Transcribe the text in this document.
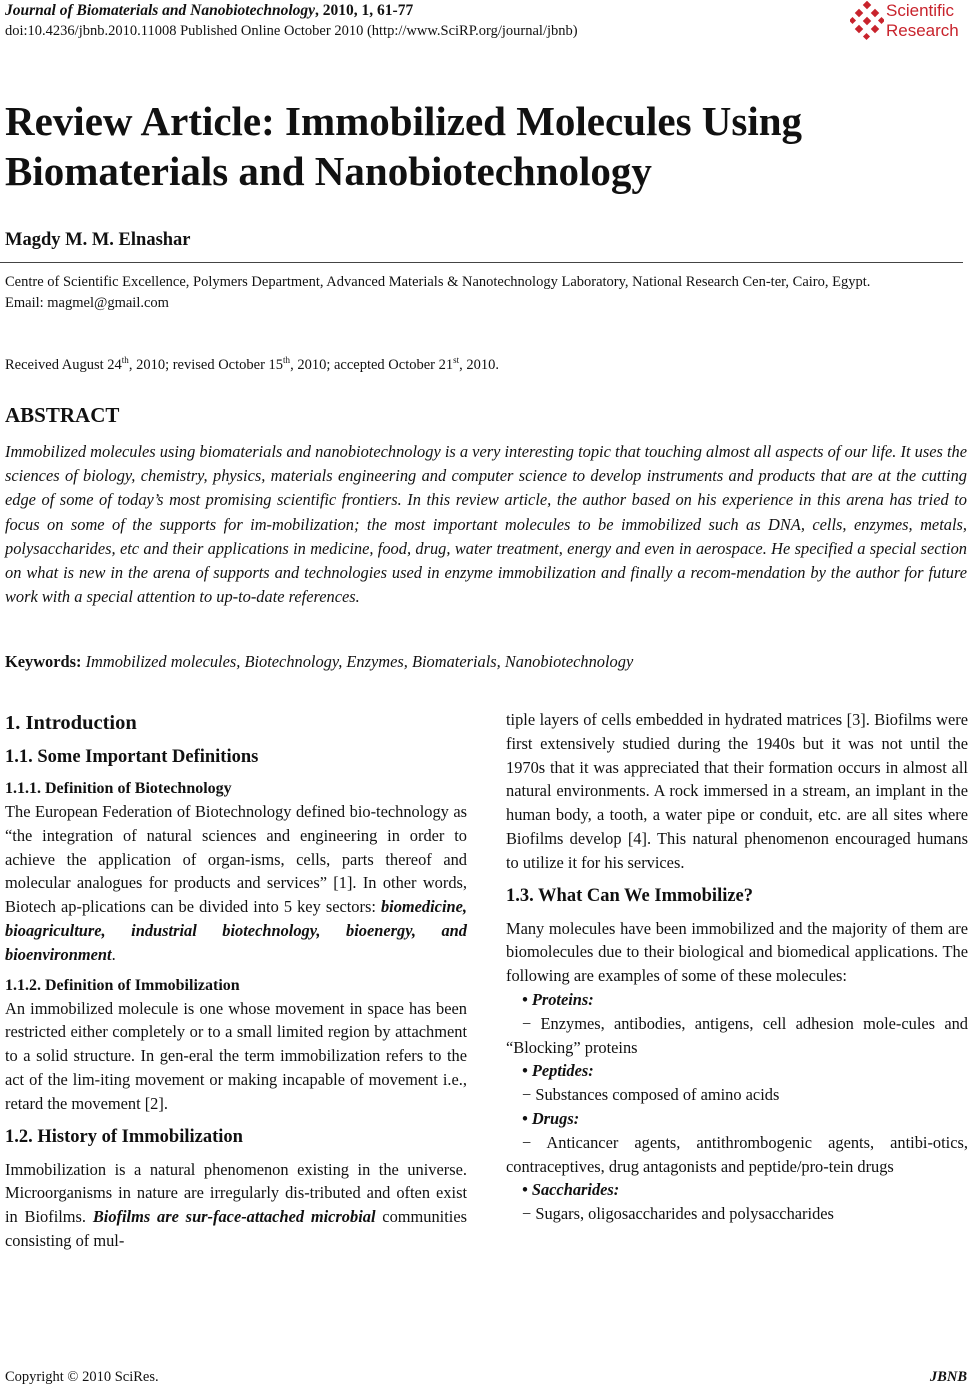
Journal of Biomaterials and Nanobiotechnology, 2010, 1, 61-77
doi:10.4236/jbnb.2010.11008 Published Online October 2010 (http://www.SciRP.org/journal/jbnb)
Scientific
Research
Review Article: Immobilized Molecules Using Biomaterials and Nanobiotechnology
Magdy M. M. Elnashar
Centre of Scientific Excellence, Polymers Department, Advanced Materials & Nanotechnology Laboratory, National Research Cen-ter, Cairo, Egypt.
Email: magmel@gmail.com
Received August 24th, 2010; revised October 15th, 2010; accepted October 21st, 2010.
ABSTRACT
Immobilized molecules using biomaterials and nanobiotechnology is a very interesting topic that touching almost all aspects of our life. It uses the sciences of biology, chemistry, physics, materials engineering and computer science to develop instruments and products that are at the cutting edge of some of today’s most promising scientific frontiers. In this review article, the author based on his experience in this arena has tried to focus on some of the supports for im-mobilization; the most important molecules to be immobilized such as DNA, cells, enzymes, metals, polysaccharides, etc and their applications in medicine, food, drug, water treatment, energy and even in aerospace. He specified a special section on what is new in the arena of supports and technologies used in enzyme immobilization and finally a recom-mendation by the author for future work with a special attention to up-to-date references.
Keywords: Immobilized molecules, Biotechnology, Enzymes, Biomaterials, Nanobiotechnology
1. Introduction
1.1. Some Important Definitions
1.1.1. Definition of Biotechnology

The European Federation of Biotechnology defined bio-technology as “the integration of natural sciences and engineering in order to achieve the application of organ-isms, cells, parts thereof and molecular analogues for products and services” [1]. In other words, Biotech ap-plications can be divided into 5 key sectors: biomedicine, bioagriculture, industrial biotechnology, bioenergy, and bioenvironment.

1.1.2. Definition of Immobilization

An immobilized molecule is one whose movement in space has been restricted either completely or to a small limited region by attachment to a solid structure. In gen-eral the term immobilization refers to the act of the lim-iting movement or making incapable of movement i.e., retard the movement [2].

1.2. History of Immobilization

Immobilization is a natural phenomenon existing in the universe. Microorganisms in nature are irregularly dis-tributed and often exist in Biofilms. Biofilms are sur-face-attached microbial communities consisting of mul-

tiple layers of cells embedded in hydrated matrices [3]. Biofilms were first extensively studied during the 1940s but it was not until the 1970s that it was appreciated that their formation occurs in almost all natural environments. A rock immersed in a stream, an implant in the human body, a tooth, a water pipe or conduit, etc. are all sites where Biofilms develop [4]. This natural phenomenon encouraged humans to utilize it for his services.

1.3. What Can We Immobilize?

Many molecules have been immobilized and the majority of them are biomolecules due to their biological and biomedical applications. The following are examples of some of these molecules:

• Proteins:
− Enzymes, antibodies, antigens, cell adhesion mole-cules and “Blocking” proteins
• Peptides:
− Substances composed of amino acids
• Drugs:
− Anticancer agents, antithrombogenic agents, antibi-otics, contraceptives, drug antagonists and peptide/pro-tein drugs
• Saccharides:
− Sugars, oligosaccharides and polysaccharides
Copyright © 2010 SciRes.	JBNB
